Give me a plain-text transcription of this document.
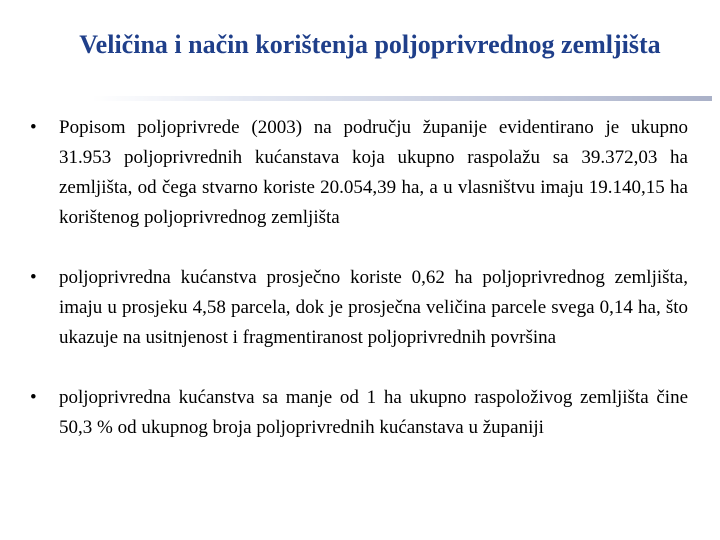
Veličina i način korištenja poljoprivrednog zemljišta
• Popisom poljoprivrede (2003) na području županije evidentirano je ukupno 31.953 poljoprivrednih kućanstava koja ukupno raspolažu sa 39.372,03 ha zemljišta, od čega stvarno koriste 20.054,39 ha, a u vlasništvu imaju 19.140,15 ha korištenog poljoprivrednog zemljišta
• poljoprivredna kućanstva prosječno koriste 0,62 ha poljoprivrednog zemljišta, imaju u prosjeku 4,58 parcela, dok je prosječna veličina parcele svega 0,14 ha, što ukazuje na usitnjenost i fragmentiranost poljoprivrednih površina
• poljoprivredna kućanstva sa manje od 1 ha ukupno raspoloživog zemljišta čine 50,3 % od ukupnog broja poljoprivrednih kućanstava u županiji
